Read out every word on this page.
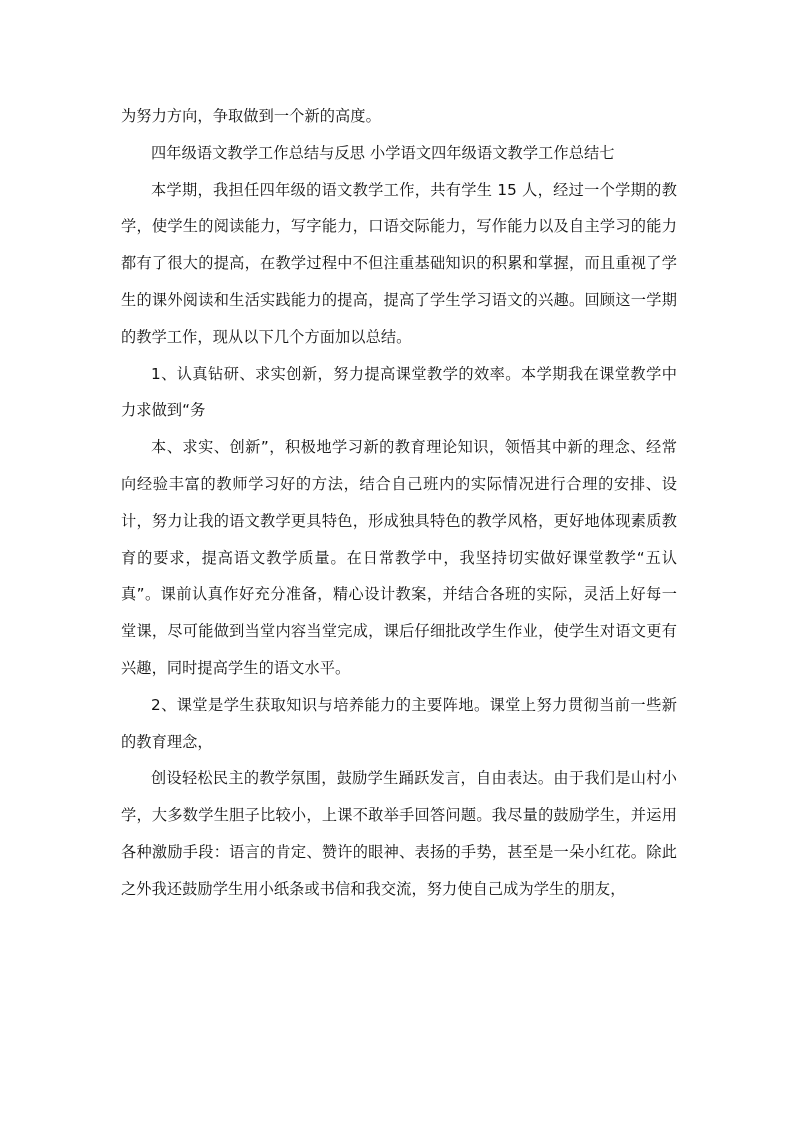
为努力方向，争取做到一个新的高度。

四年级语文教学工作总结与反思 小学语文四年级语文教学工作总结七

本学期，我担任四年级的语文教学工作，共有学生 15 人，经过一个学期的教学，使学生的阅读能力，写字能力，口语交际能力，写作能力以及自主学习的能力都有了很大的提高，在教学过程中不但注重基础知识的积累和掌握，而且重视了学生的课外阅读和生活实践能力的提高，提高了学生学习语文的兴趣。回顾这一学期的教学工作，现从以下几个方面加以总结。

1、认真钻研、求实创新，努力提高课堂教学的效率。本学期我在课堂教学中力求做到“务

本、求实、创新”，积极地学习新的教育理论知识，领悟其中新的理念、经常向经验丰富的教师学习好的方法，结合自己班内的实际情况进行合理的安排、设计，努力让我的语文教学更具特色，形成独具特色的教学风格，更好地体现素质教育的要求，提高语文教学质量。在日常教学中，我坚持切实做好课堂教学“五认真”。课前认真作好充分准备，精心设计教案，并结合各班的实际，灵活上好每一堂课，尽可能做到当堂内容当堂完成，课后仔细批改学生作业，使学生对语文更有兴趣，同时提高学生的语文水平。

2、课堂是学生获取知识与培养能力的主要阵地。课堂上努力贯彻当前一些新的教育理念，

创设轻松民主的教学氛围，鼓励学生踊跃发言，自由表达。由于我们是山村小学，大多数学生胆子比较小，上课不敢举手回答问题。我尽量的鼓励学生，并运用各种激励手段：语言的肯定、赞许的眼神、表扬的手势，甚至是一朵小红花。除此之外我还鼓励学生用小纸条或书信和我交流，努力使自己成为学生的朋友，
